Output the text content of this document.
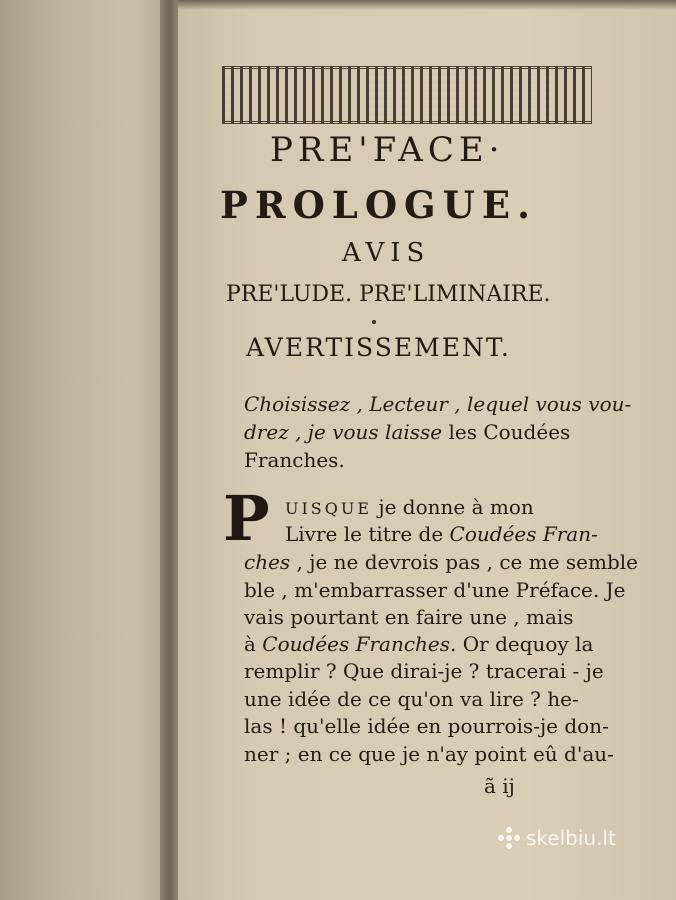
PRE'FACE·
PROLOGUE.
AVIS
PRE'LUDE. PRE'LIMINAIRE.
AVERTISSEMENT.
Choisissez , Lecteur , lequel vous vou-
drez , je vous laisse les Coudées
Franches.
P UISQUE je donne à mon
Livre le titre de Coudées Fran-
ches , je ne devrois pas , ce me semble
ble , m'embarrasser d'une Préface. Je
vais pourtant en faire une , mais
à Coudées Franches. Or dequoy la
remplir ? Que dirai-je ? tracerai - je
une idée de ce qu'on va lire ? he-
las ! qu'elle idée en pourrois-je don-
ner ; en ce que je n'ay point eû d'au-
ã ij
skelbiu.lt
